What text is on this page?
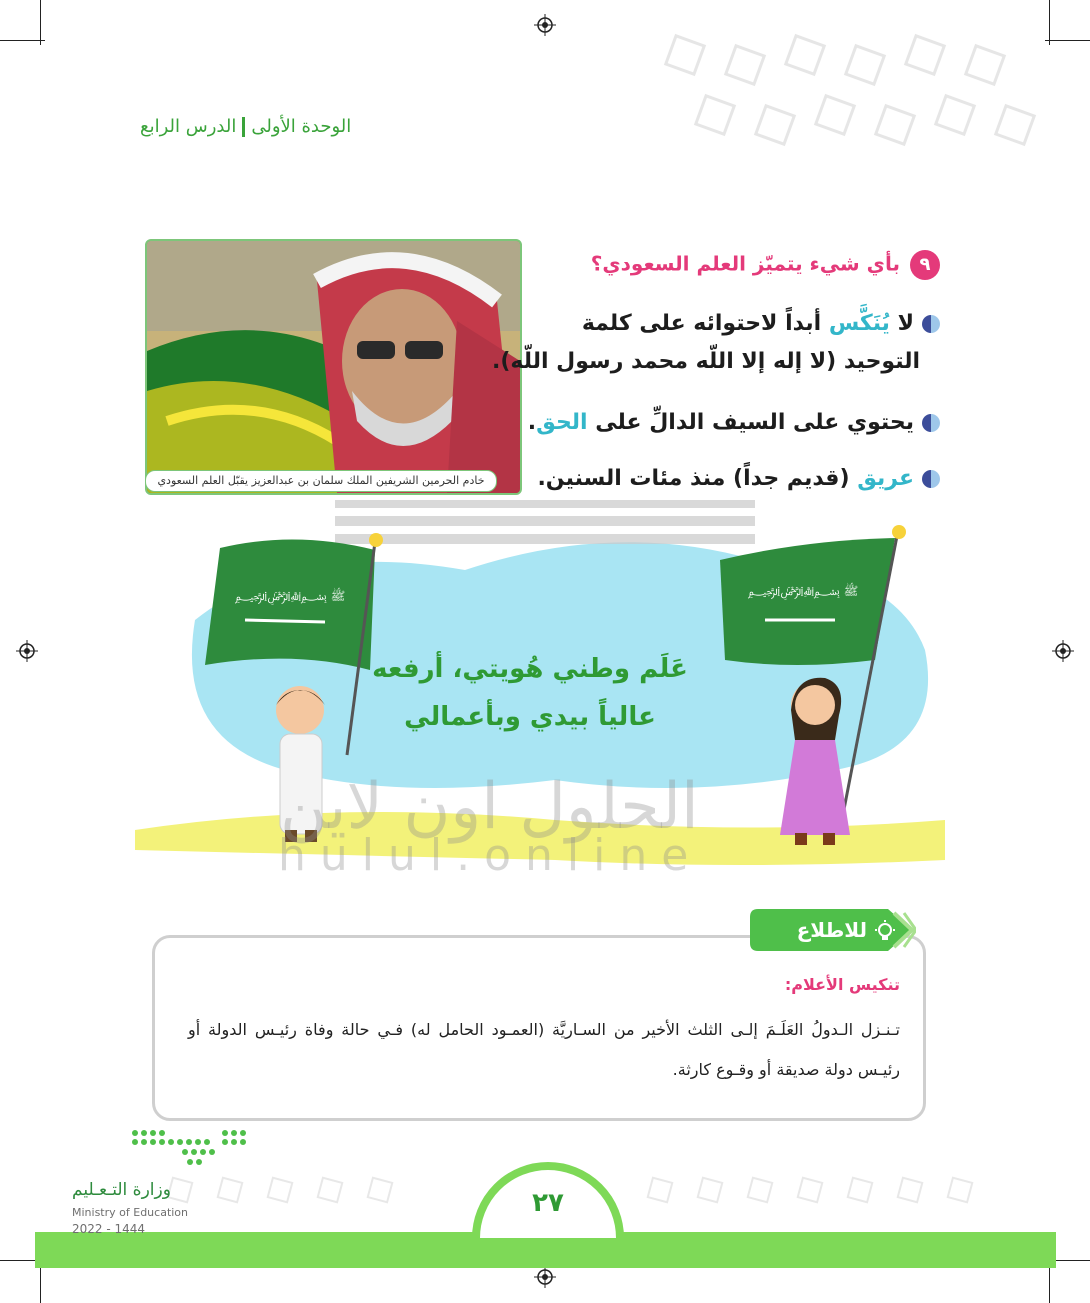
الوحدة الأولىالدرس الرابع
خادم الحرمين الشريفين الملك سلمان بن عبدالعزيز يقبّل العلم السعودي
٩بأي شيء يتميّز العلم السعودي؟
لا يُنَكَّس أبداً لاحتوائه على كلمة
التوحيد (لا إله إلا اللّه محمد رسول اللّه).
يحتوي على السيف الدالِّ على الحق.
عريق (قديم جداً) منذ مئات السنين.
ﷺ ﷽	ﷺ ﷽
الحلول اون لاين
hulul.online
عَلَم وطني هُويتي، أرفعه
عالياً بيدي وبأعمالي
للاطلاع
تنكيس الأعلام:
تـنـزل الـدولُ العَلَـمَ إلـى الثلث الأخير من السـاريَّة (العمـود الحامل له) فـي حالة وفاة رئيـس الدولة أو رئيـس دولة صديقة أو وقـوع كارثة.
٢٧
وزارة التـعـليم
Ministry of Education
2022 - 1444
